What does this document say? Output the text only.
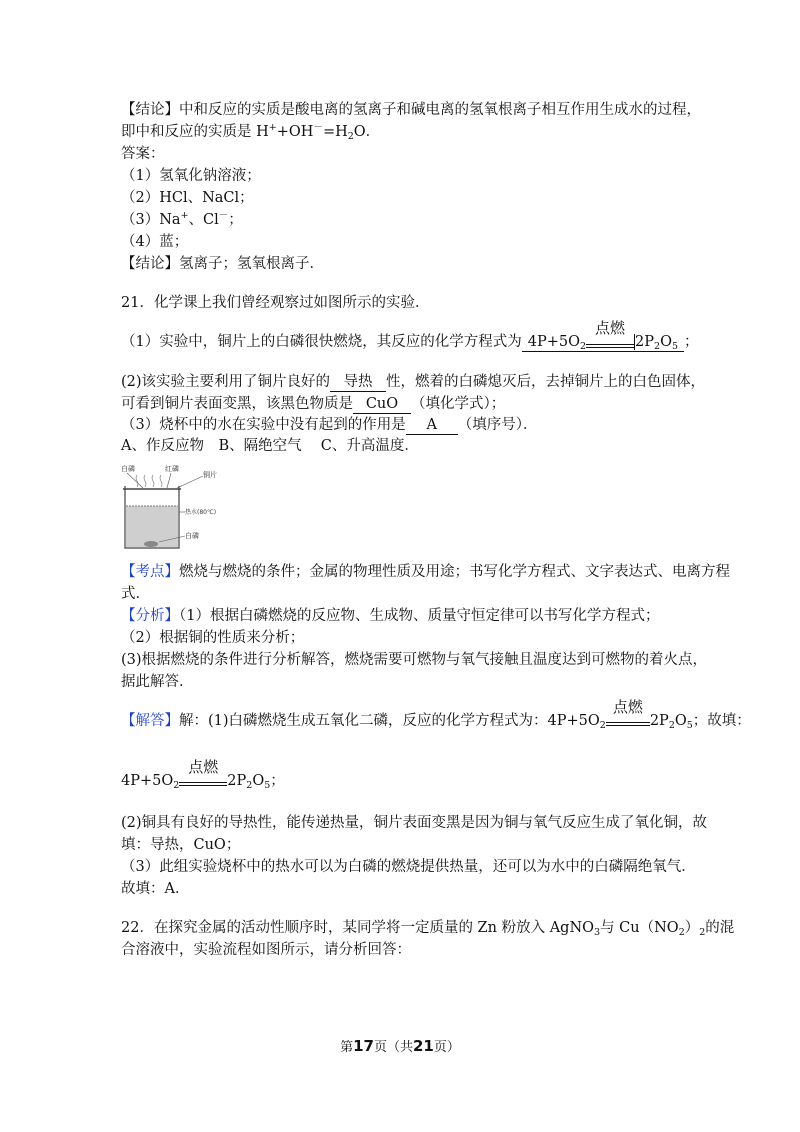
【结论】中和反应的实质是酸电离的氢离子和碱电离的氢氧根离子相互作用生成水的过程，
即中和反应的实质是 $H^++OH^-=H_2O$．
答案：
（1）氢氧化钠溶液；
（2）HCl、NaCl；
（3）Na+、Cl－；
（4）蓝；
【结论】氢离子；氢氧根离子．
21．化学课上我们曾经观察过如图所示的实验．
（1）实验中，铜片上的白磷很快燃烧，其反应的化学方程式为 $4P+5O_2$
点燃

$2P_2O_5$ ；
(2)该实验主要利用了铜片良好的 导热 性，燃着的白磷熄灭后，去掉铜片上的白色固体，
可看到铜片表面变黑，该黑色物质是 CuO （填化学式）；
（3）烧杯中的水在实验中没有起到的作用是 A （填序号）．
A、作反应物　B、隔绝空气　 C、升高温度．
白磷	红磷
铜片
热水(80℃)
白磷
【考点】燃烧与燃烧的条件；金属的物理性质及用途；书写化学方程式、文字表达式、电离方程
式．
【分析】（1）根据白磷燃烧的反应物、生成物、质量守恒定律可以书写化学方程式；
（2）根据铜的性质来分析；
(3)根据燃烧的条件进行分析解答，燃烧需要可燃物与氧气接触且温度达到可燃物的着火点，
据此解答．
【解答】解：(1)白磷燃烧生成五氧化二磷，反应的化学方程式为：$4P+5O_2$
点燃

$2P_2O_5$；故填：
$4P+5O_2$
点燃

$2P_2O_5$；
(2)铜具有良好的导热性，能传递热量，铜片表面变黑是因为铜与氧气反应生成了氧化铜，故
填：导热，CuO；
（3）此组实验烧杯中的热水可以为白磷的燃烧提供热量，还可以为水中的白磷隔绝氧气．
故填：A．
22．在探究金属的活动性顺序时，某同学将一定质量的 Zn 粉放入 AgNO$_3$与 $Cu(NO_2)_2$的混
合溶液中，实验流程如图所示，请分析回答：
第17页（共21页）
